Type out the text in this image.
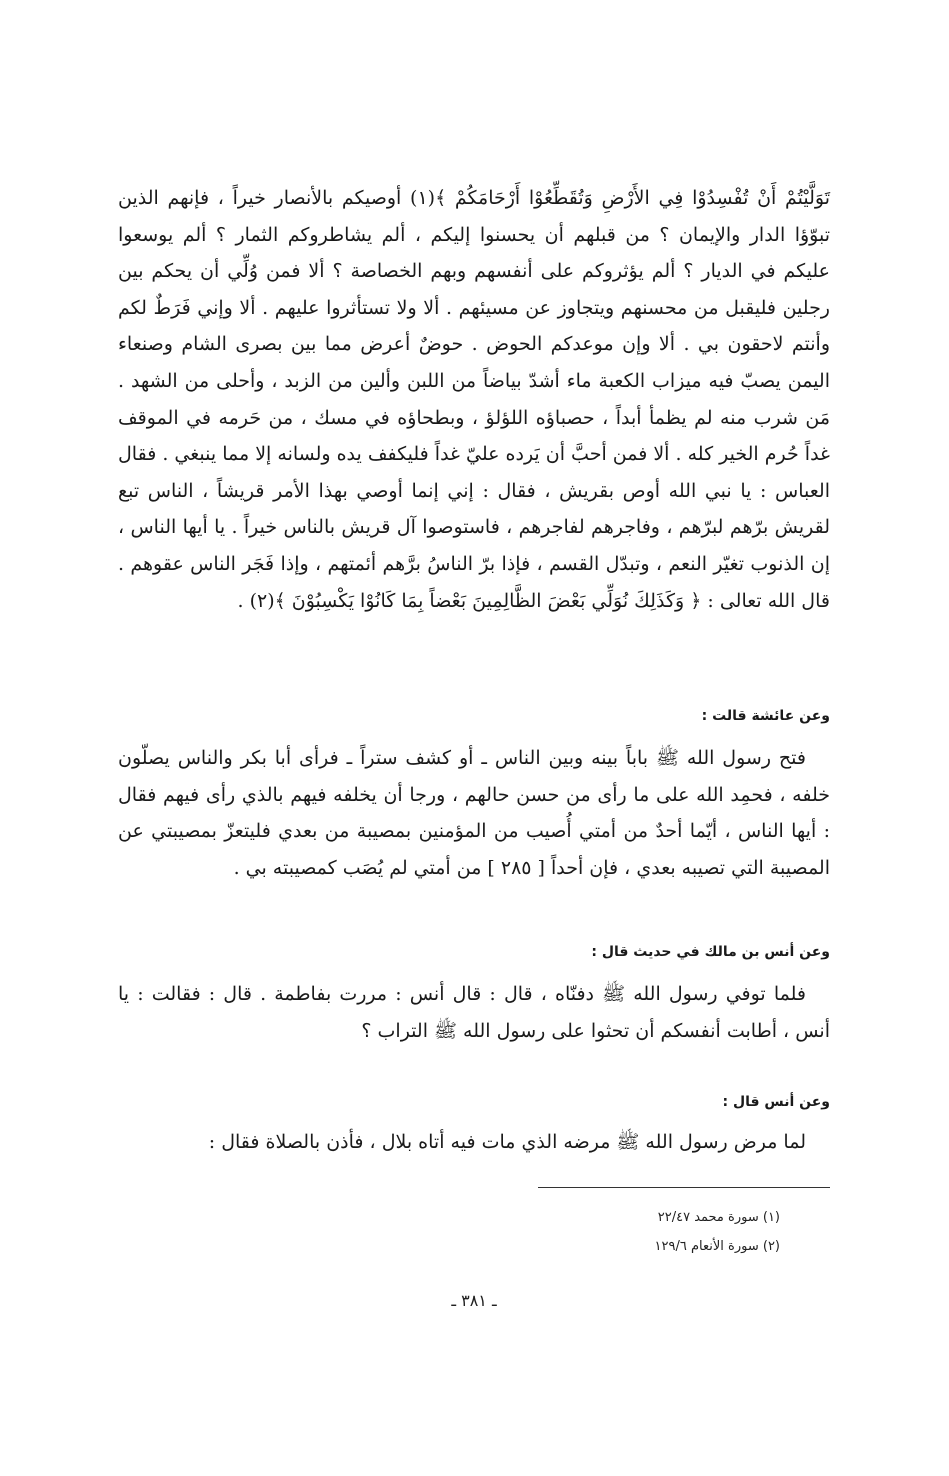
تَوَلَّيْتُمْ أَنْ تُفْسِدُوْا فِي الأَرْضِ وَتُقَطِّعُوْا أَرْحَامَكُمْ ﴾(١) أوصيكم بالأنصار خيراً ، فإنهم الذين تبوّؤا الدار والإيمان ؟ من قبلهم أن يحسنوا إليكم ، ألم يشاطروكم الثمار ؟ ألم يوسعوا عليكم في الديار ؟ ألم يؤثروكم على أنفسهم وبهم الخصاصة ؟ ألا فمن وُلِّي أن يحكم بين رجلين فليقبل من محسنهم ويتجاوز عن مسيئهم . ألا ولا تستأثروا عليهم . ألا وإني فَرَطٌ لكم وأنتم لاحقون بي . ألا وإن موعدكم الحوض . حوضٌ أعرض مما بين بصرى الشام وصنعاء اليمن يصبّ فيه ميزاب الكعبة ماء أشدّ بياضاً من اللبن وألين من الزبد ، وأحلى من الشهد . مَن شرب منه لم يظمأ أبداً ، حصباؤه اللؤلؤ ، وبطحاؤه في مسك ، من حَرمه في الموقف غداً حُرم الخير كله . ألا فمن أحبَّ أن يَرده عليّ غداً فليكفف يده ولسانه إلا مما ينبغي . فقال العباس : يا نبي الله أوص بقريش ، فقال : إني إنما أوصي بهذا الأمر قريشاً ، الناس تبع لقريش برّهم لبرّهم ، وفاجرهم لفاجرهم ، فاستوصوا آل قريش بالناس خيراً . يا أيها الناس ، إن الذنوب تغيّر النعم ، وتبدّل القسم ، فإذا برّ الناسُ برَّهم أئمتهم ، وإذا فَجَر الناس عقوهم . قال الله تعالى : ﴿ وَكَذَلِكَ نُوَلِّي بَعْضَ الظَّالِمِينَ بَعْضاً بِمَا كَانُوْا يَكْسِبُوْنَ ﴾(٢) .

وعن عائشة قالت :

فتح رسول الله ﷺ باباً بينه وبين الناس ـ أو كشف ستراً ـ فرأى أبا بكر والناس يصلّون خلفه ، فحمِد الله على ما رأى من حسن حالهم ، ورجا أن يخلفه فيهم بالذي رأى فيهم فقال : أيها الناس ، أيّما أحدٌ من أمتي أُصيب من المؤمنين بمصيبة من بعدي فليتعزّ بمصيبتي عن المصيبة التي تصيبه بعدي ، فإن أحداً [ ٢٨٥ ] من أمتي لم يُصَب كمصيبته بي .

وعن أنس بن مالك في حديث قال :

فلما توفي رسول الله ﷺ دفنّاه ، قال : قال أنس : مررت بفاطمة . قال : فقالت : يا أنس ، أطابت أنفسكم أن تحثوا على رسول الله ﷺ التراب ؟

وعن أنس قال :

لما مرض رسول الله ﷺ مرضه الذي مات فيه أتاه بلال ، فأذن بالصلاة فقال :

(١) سورة محمد ٢٢/٤٧
(٢) سورة الأنعام ١٢٩/٦
ـ ٣٨١ ـ
